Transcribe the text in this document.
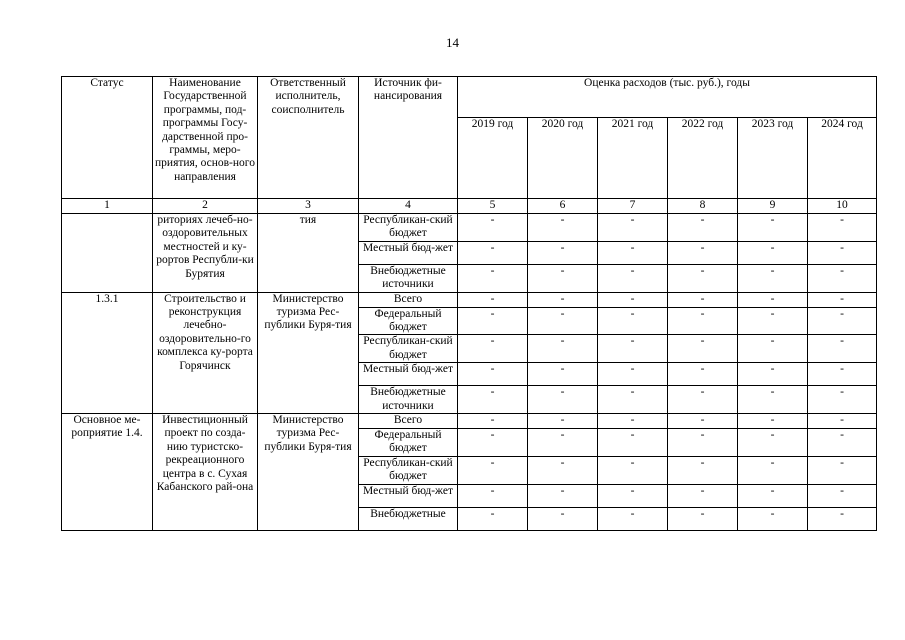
14
Статус	Наименование Государственной программы, под-программы Госу-дарственной про-граммы, меро-приятия, основ-ного направления	Ответственный исполнитель, соисполнитель	Источник фи-нансирования	Оценка расходов (тыс. руб.), годы					
				2019 год	2020 год	2021 год	2022 год	2023 год	2024 год
1	2	3	4	5	6	7	8	9	10
	риториях лечеб-но-оздоровительных местностей и ку-рортов Республи-ки Бурятия	тия	Республикан-ский бюджет	-	-	-	-	-	-
			Местный бюд-жет	-	-	-	-	-	-
			Внебюджетные источники	-	-	-	-	-	-
1.3.1	Строительство и реконструкция лечебно-оздоровительно-го комплекса ку-рорта Горячинск	Министерство туризма Рес-публики Буря-тия	Всего	-	-	-	-	-	-
			Федеральный бюджет	-	-	-	-	-	-
			Республикан-ский бюджет	-	-	-	-	-	-
			Местный бюд-жет	-	-	-	-	-	-
			Внебюджетные источники	-	-	-	-	-	-
Основное ме-роприятие 1.4.	Инвестиционный проект по созда-нию туристско-рекреационного центра в с. Сухая Кабанского рай-она	Министерство туризма Рес-публики Буря-тия	Всего	-	-	-	-	-	-
			Федеральный бюджет	-	-	-	-	-	-
			Республикан-ский бюджет	-	-	-	-	-	-
			Местный бюд-жет	-	-	-	-	-	-
			Внебюджетные	-	-	-	-	-	-
